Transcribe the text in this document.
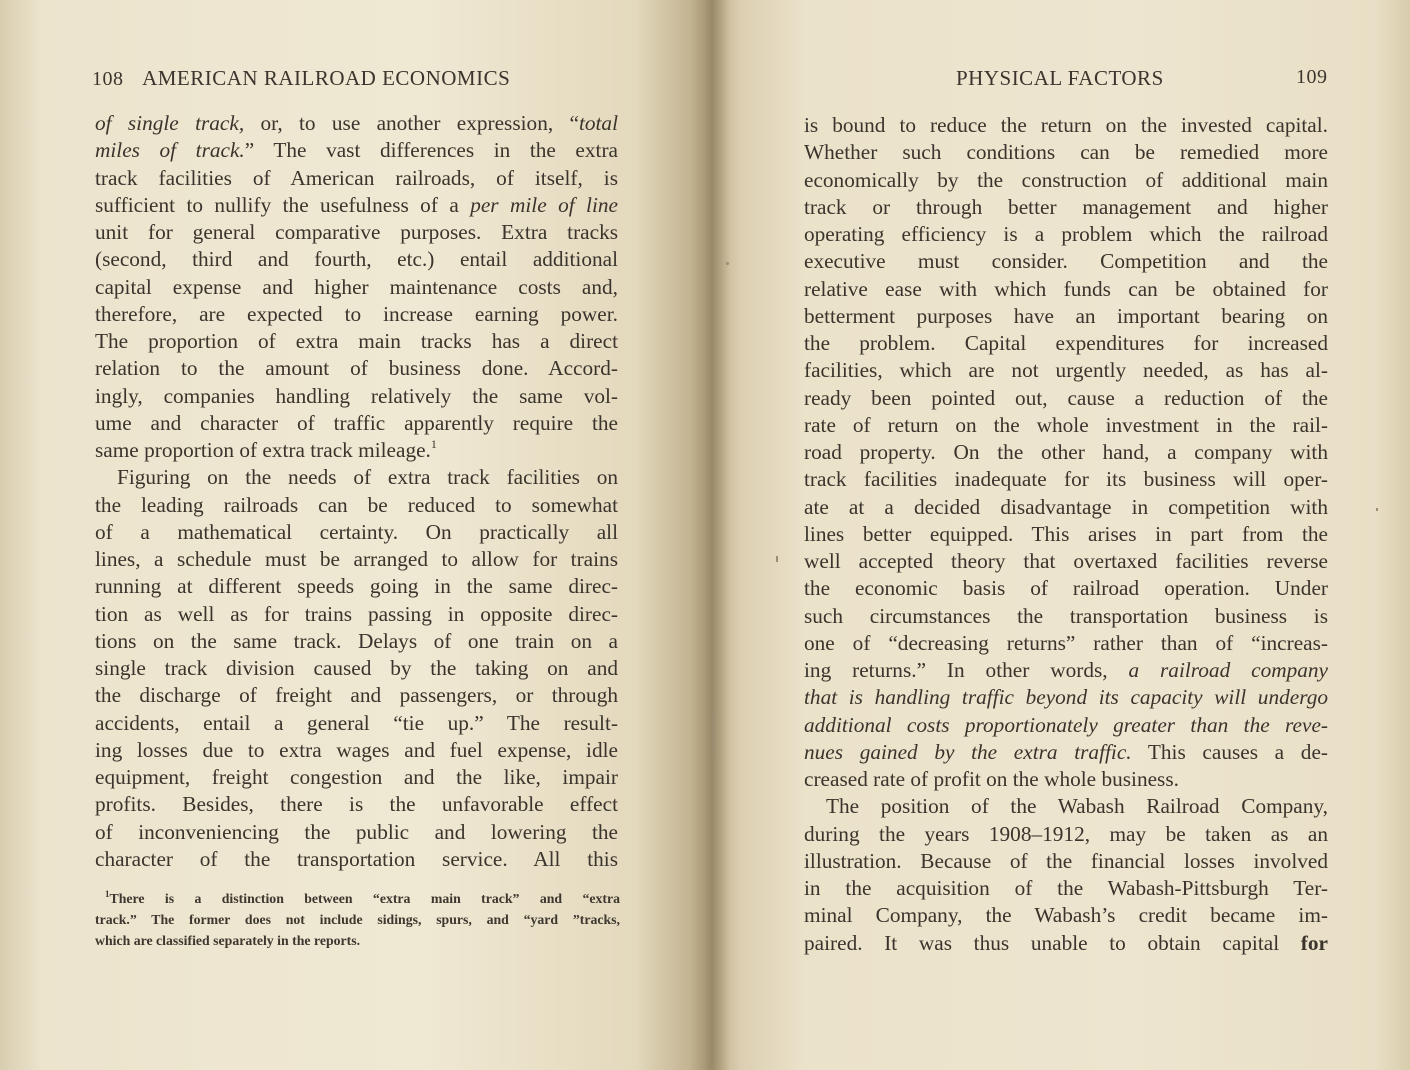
108 AMERICAN RAILROAD ECONOMICS	PHYSICAL FACTORS	109
of single track, or, to use another expression, “total
miles of track.” The vast differences in the extra
track facilities of American railroads, of itself, is
sufficient to nullify the usefulness of a per mile of line
unit for general comparative purposes. Extra tracks
(second, third and fourth, etc.) entail additional
capital expense and higher maintenance costs and,
therefore, are expected to increase earning power.
The proportion of extra main tracks has a direct
relation to the amount of business done. Accord-
ingly, companies handling relatively the same vol-
ume and character of traffic apparently require the
same proportion of extra track mileage.$^1$
Figuring on the needs of extra track facilities on
the leading railroads can be reduced to somewhat
of a mathematical certainty. On practically all
lines, a schedule must be arranged to allow for trains
running at different speeds going in the same direc-
tion as well as for trains passing in opposite direc-
tions on the same track. Delays of one train on a
single track division caused by the taking on and
the discharge of freight and passengers, or through
accidents, entail a general “tie up.” The result-
ing losses due to extra wages and fuel expense, idle
equipment, freight congestion and the like, impair
profits. Besides, there is the unfavorable effect
of inconveniencing the public and lowering the
character of the transportation service. All this
is bound to reduce the return on the invested capital.
Whether such conditions can be remedied more
economically by the construction of additional main
track or through better management and higher
operating efficiency is a problem which the railroad
executive must consider. Competition and the
relative ease with which funds can be obtained for
betterment purposes have an important bearing on
the problem. Capital expenditures for increased
facilities, which are not urgently needed, as has al-
ready been pointed out, cause a reduction of the
rate of return on the whole investment in the rail-
road property. On the other hand, a company with
track facilities inadequate for its business will oper-
ate at a decided disadvantage in competition with
lines better equipped. This arises in part from the
well accepted theory that overtaxed facilities reverse
the economic basis of railroad operation. Under
such circumstances the transportation business is
one of “decreasing returns” rather than of “increas-
ing returns.” In other words, a railroad company
that is handling traffic beyond its capacity will undergo
additional costs proportionately greater than the reve-
nues gained by the extra traffic. This causes a de-
creased rate of profit on the whole business.
The position of the Wabash Railroad Company,
during the years 1908–1912, may be taken as an
illustration. Because of the financial losses involved
in the acquisition of the Wabash-Pittsburgh Ter-
minal Company, the Wabash’s credit became im-
paired. It was thus unable to obtain capital for
$^1$There is a distinction between “extra main track” and “extra
track.” The former does not include sidings, spurs, and “yard ”tracks,
which are classified separately in the reports.
